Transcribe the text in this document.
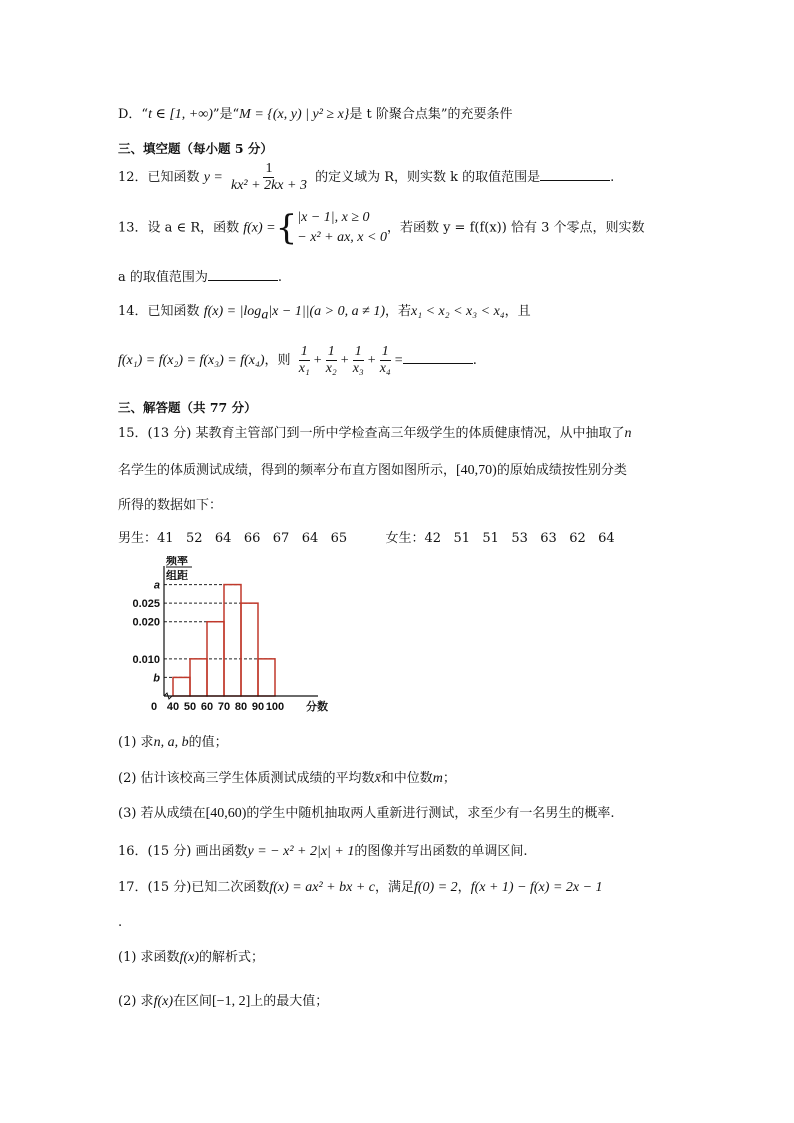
D．“t ∈ [1, +∞)”是“M = {(x, y) | y² ≥ x}是 t 阶聚合点集”的充要条件
三、填空题（每小题 5 分）
12．已知函数 $y = \frac{1}{\text{kx² + 2kx + 3}}$ 的定义域为 R，则实数 k 的取值范围是	.
13．设 a ∈ R，函数 f(x) ={ |x − 1|, x ≥ 0
− x² + ax, x < 0
，若函数 y = f(f(x)) 恰有 3 个零点，则实数
a 的取值范围为	.
14．已知函数 $f(x) = |\log_a|x - 1||(a > 0$, a ≠ 1)，若x₁ < x₂ < x₃ < x₄，且
f(x₁) = f(x₂) = f(x₃) = f(x₄)，则 $\frac{1}{\text{x₁}} + \frac{1}{\text{x₂}} + \frac{1}{\text{x₃}} + \frac{1}{\text{x₄}}$ =	.
三、解答题（共 77 分）
15．(13 分) 某教育主管部门到一所中学检查高三年级学生的体质健康情况，从中抽取了n
名学生的体质测试成绩，得到的频率分布直方图如图所示，[40,70)的原始成绩按性别分类
所得的数据如下：
男生：41   52   64   66   67   64   65	女生：42   51   51   53   63   62   64
b
0.010
0.020
0.025
a
0 40 50 60 70 80 90 100 分数
频率
组距
(1) 求n, a, b的值；
(2) 估计该校高三学生体质测试成绩的平均数x̄和中位数m；
(3) 若从成绩在[40,60)的学生中随机抽取两人重新进行测试，求至少有一名男生的概率.
16．(15 分) 画出函数y = − x² + 2|x| + 1的图像并写出函数的单调区间.
17．(15 分)已知二次函数f(x) = ax² + bx + c，满足f(0) = 2，f(x + 1) − f(x) = 2x − 1
.
(1) 求函数f(x)的解析式；
(2) 求f(x)在区间[−1, 2]上的最大值；
